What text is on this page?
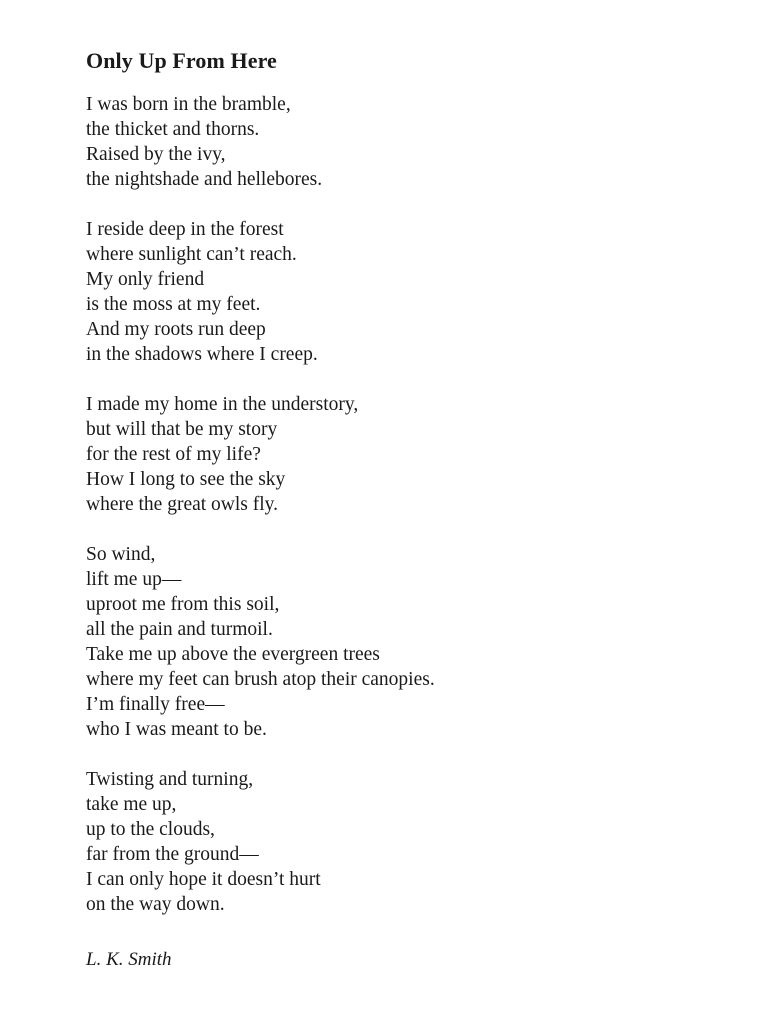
Only Up From Here
I was born in the bramble,
the thicket and thorns.
Raised by the ivy,
the nightshade and hellebores.
I reside deep in the forest
where sunlight can’t reach.
My only friend
is the moss at my feet.
And my roots run deep
in the shadows where I creep.
I made my home in the understory,
but will that be my story
for the rest of my life?
How I long to see the sky
where the great owls fly.
So wind,
lift me up—
uproot me from this soil,
all the pain and turmoil.
Take me up above the evergreen trees
where my feet can brush atop their canopies.
I’m finally free—
who I was meant to be.
Twisting and turning,
take me up,
up to the clouds,
far from the ground—
I can only hope it doesn’t hurt
on the way down.
L. K. Smith
